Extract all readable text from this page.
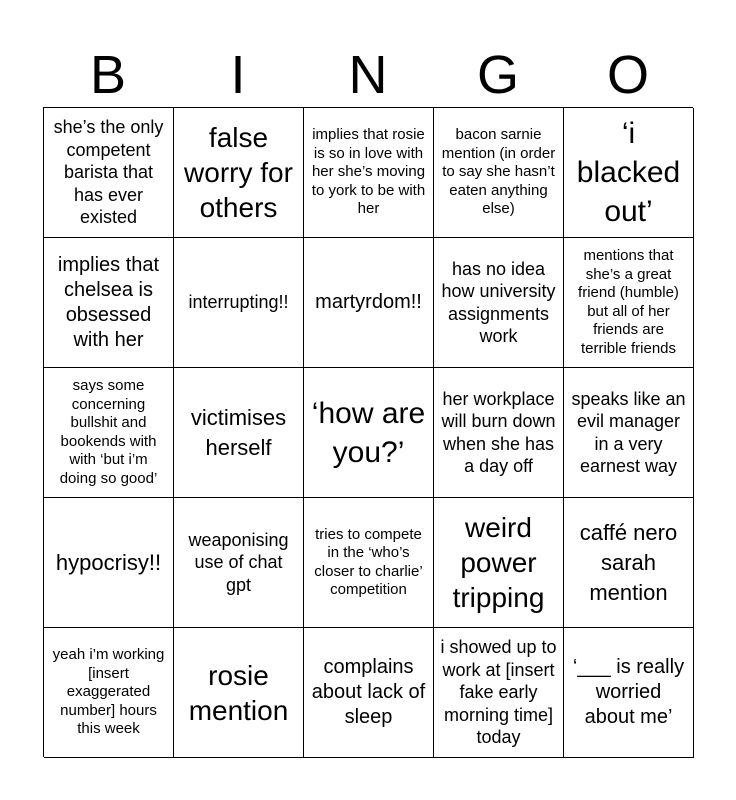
B	I	N	G	O
she’s the only competent barista that has ever existed
false worry for others
implies that rosie is so in love with her she’s moving to york to be with her
bacon sarnie mention (in order to say she hasn’t eaten anything else)
‘i blacked out’
implies that chelsea is obsessed with her
interrupting!! martyrdom!!
has no idea how university assignments work
mentions that she’s a great friend (humble) but all of her friends are terrible friends
says some concerning bullshit and bookends with with ‘but i’m doing so good’
victimises herself
‘how are you?’
her workplace will burn down when she has a day off
speaks like an evil manager in a very earnest way
hypocrisy!!
weaponising use of chat gpt
tries to compete in the ‘who’s closer to charlie’ competition
weird power tripping
caffé nero sarah mention
yeah i’m working [insert exaggerated number] hours this week
rosie mention
complains about lack of sleep
i showed up to work at [insert fake early morning time] today
‘___ is really worried about me’
